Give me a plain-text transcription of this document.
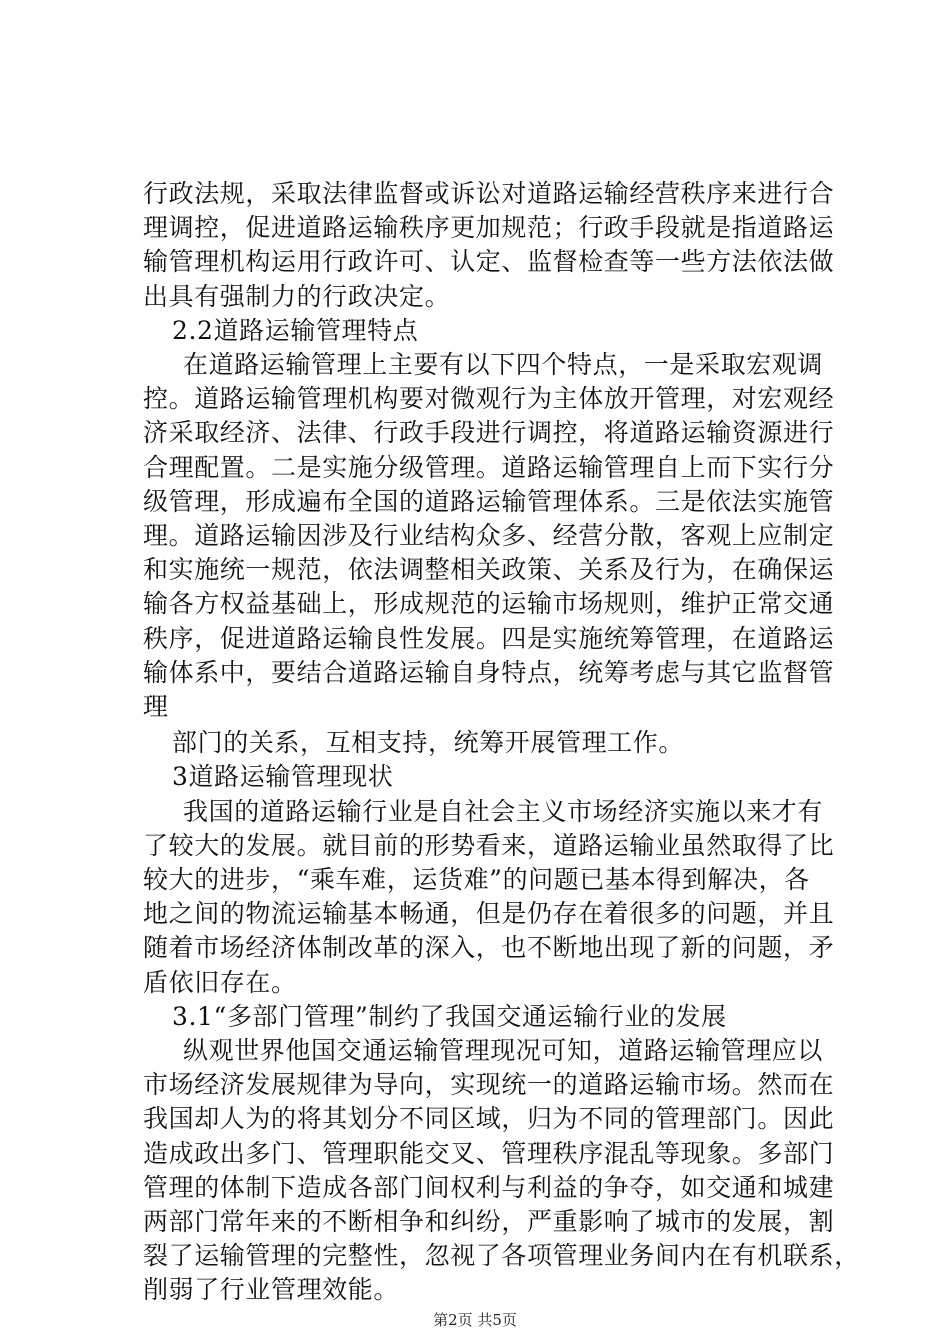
行政法规，采取法律监督或诉讼对道路运输经营秩序来进行合
理调控，促进道路运输秩序更加规范；行政手段就是指道路运
输管理机构运用行政许可、认定、监督检查等一些方法依法做
出具有强制力的行政决定。
2.2道路运输管理特点
在道路运输管理上主要有以下四个特点，一是采取宏观调
控。道路运输管理机构要对微观行为主体放开管理，对宏观经
济采取经济、法律、行政手段进行调控，将道路运输资源进行
合理配置。二是实施分级管理。道路运输管理自上而下实行分
级管理，形成遍布全国的道路运输管理体系。三是依法实施管
理。道路运输因涉及行业结构众多、经营分散，客观上应制定
和实施统一规范，依法调整相关政策、关系及行为，在确保运
输各方权益基础上，形成规范的运输市场规则，维护正常交通
秩序，促进道路运输良性发展。四是实施统筹管理，在道路运
输体系中，要结合道路运输自身特点，统筹考虑与其它监督管
理
部门的关系，互相支持，统筹开展管理工作。
3道路运输管理现状
我国的道路运输行业是自社会主义市场经济实施以来才有
了较大的发展。就目前的形势看来，道路运输业虽然取得了比
较大的进步，“乘车难，运货难”的问题已基本得到解决，各
地之间的物流运输基本畅通，但是仍存在着很多的问题，并且
随着市场经济体制改革的深入，也不断地出现了新的问题，矛
盾依旧存在。
3.1“多部门管理”制约了我国交通运输行业的发展
纵观世界他国交通运输管理现况可知，道路运输管理应以
市场经济发展规律为导向，实现统一的道路运输市场。然而在
我国却人为的将其划分不同区域，归为不同的管理部门。因此
造成政出多门、管理职能交叉、管理秩序混乱等现象。多部门
管理的体制下造成各部门间权利与利益的争夺，如交通和城建
两部门常年来的不断相争和纠纷，严重影响了城市的发展，割
第2页 共5页
裂了运输管理的完整性，忽视了各项管理业务间内在有机联系，
削弱了行业管理效能。
